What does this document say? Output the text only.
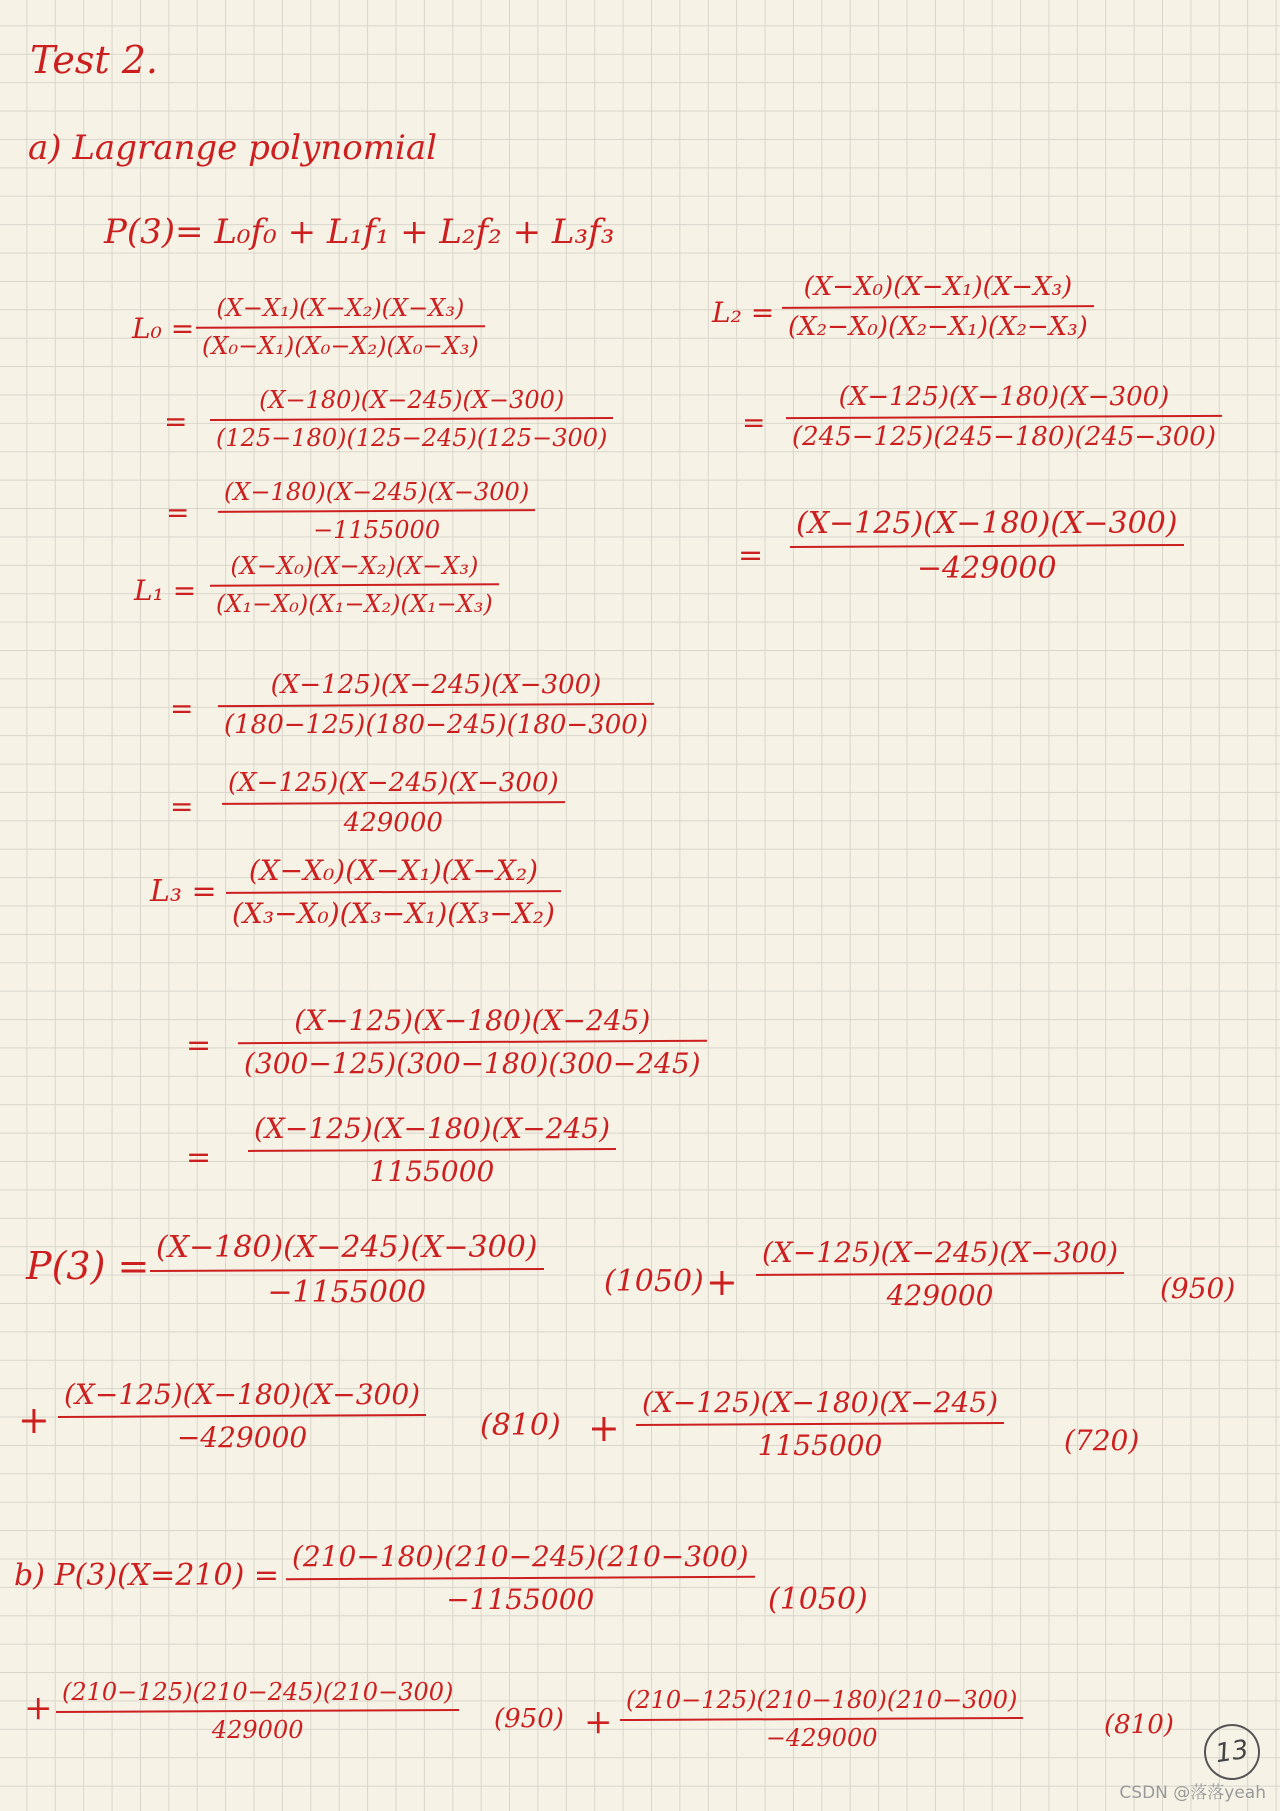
Test 2.
a) Lagrange polynomial
P(3)= L₀f₀ + L₁f₁ + L₂f₂ + L₃f₃
L₀ =
(X−X₁)(X−X₂)(X−X₃)
(X₀−X₁)(X₀−X₂)(X₀−X₃)
=
(X−180)(X−245)(X−300)
(125−180)(125−245)(125−300)
=
(X−180)(X−245)(X−300)
−1155000
L₁ =
(X−X₀)(X−X₂)(X−X₃)
(X₁−X₀)(X₁−X₂)(X₁−X₃)
=
(X−125)(X−245)(X−300)
(180−125)(180−245)(180−300)
=
(X−125)(X−245)(X−300)
429000
L₃ =
(X−X₀)(X−X₁)(X−X₂)
(X₃−X₀)(X₃−X₁)(X₃−X₂)
=
(X−125)(X−180)(X−245)
(300−125)(300−180)(300−245)
=
(X−125)(X−180)(X−245)
1155000
L₂ =
(X−X₀)(X−X₁)(X−X₃)
(X₂−X₀)(X₂−X₁)(X₂−X₃)
=
(X−125)(X−180)(X−300)
(245−125)(245−180)(245−300)
=
(X−125)(X−180)(X−300)
−429000
P(3) = (X−180)(X−245)(X−300)
−1155000	(1050) +
(X−125)(X−245)(X−300)
429000	(950)
+
(X−125)(X−180)(X−300)
−429000	(810) +
(X−125)(X−180)(X−245)
1155000	(720)
b) P(3)(X=210) =
(210−180)(210−245)(210−300)
−1155000	(1050)
+ (210−125)(210−245)(210−300)
429000	(950) +
(210−125)(210−180)(210−300)
−429000	(810)
13
CSDN @落落yeah
